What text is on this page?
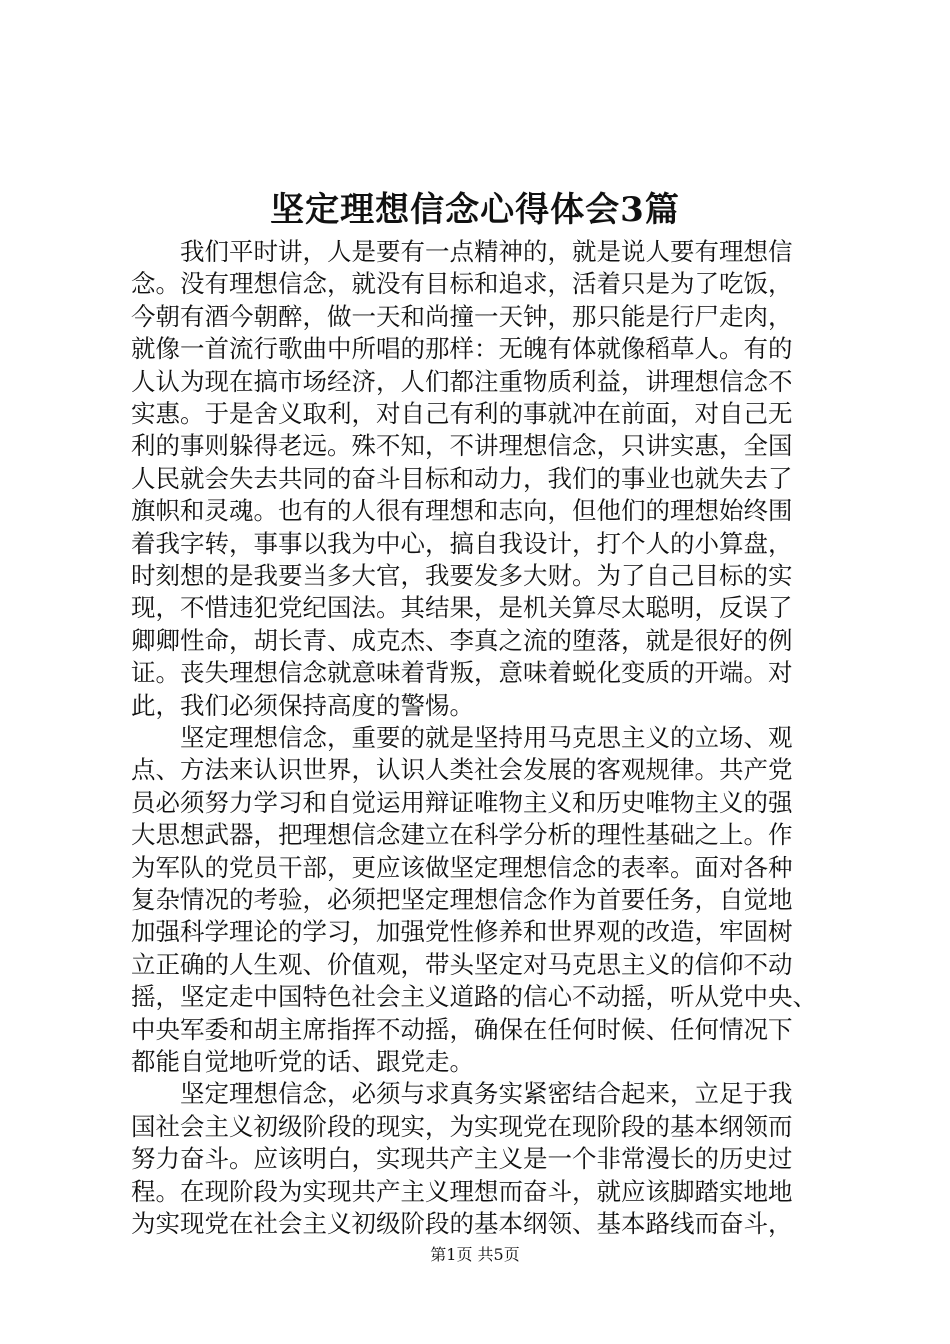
坚定理想信念心得体会3篇
　　我们平时讲，人是要有一点精神的，就是说人要有理想信
念。没有理想信念，就没有目标和追求，活着只是为了吃饭，
今朝有酒今朝醉，做一天和尚撞一天钟，那只能是行尸走肉，
就像一首流行歌曲中所唱的那样：无魄有体就像稻草人。有的
人认为现在搞市场经济，人们都注重物质利益，讲理想信念不
实惠。于是舍义取利，对自己有利的事就冲在前面，对自己无
利的事则躲得老远。殊不知，不讲理想信念，只讲实惠，全国
人民就会失去共同的奋斗目标和动力，我们的事业也就失去了
旗帜和灵魂。也有的人很有理想和志向，但他们的理想始终围
着我字转，事事以我为中心，搞自我设计，打个人的小算盘，
时刻想的是我要当多大官，我要发多大财。为了自己目标的实
现，不惜违犯党纪国法。其结果，是机关算尽太聪明，反误了
卿卿性命，胡长青、成克杰、李真之流的堕落，就是很好的例
证。丧失理想信念就意味着背叛，意味着蜕化变质的开端。对
此，我们必须保持高度的警惕。
　　坚定理想信念，重要的就是坚持用马克思主义的立场、观
点、方法来认识世界，认识人类社会发展的客观规律。共产党
员必须努力学习和自觉运用辩证唯物主义和历史唯物主义的强
大思想武器，把理想信念建立在科学分析的理性基础之上。作
为军队的党员干部，更应该做坚定理想信念的表率。面对各种
复杂情况的考验，必须把坚定理想信念作为首要任务，自觉地
加强科学理论的学习，加强党性修养和世界观的改造，牢固树
立正确的人生观、价值观，带头坚定对马克思主义的信仰不动
摇，坚定走中国特色社会主义道路的信心不动摇，听从党中央、
中央军委和胡主席指挥不动摇，确保在任何时候、任何情况下
都能自觉地听党的话、跟党走。
　　坚定理想信念，必须与求真务实紧密结合起来，立足于我
国社会主义初级阶段的现实，为实现党在现阶段的基本纲领而
努力奋斗。应该明白，实现共产主义是一个非常漫长的历史过
程。在现阶段为实现共产主义理想而奋斗，就应该脚踏实地地
为实现党在社会主义初级阶段的基本纲领、基本路线而奋斗，
第1页 共5页
